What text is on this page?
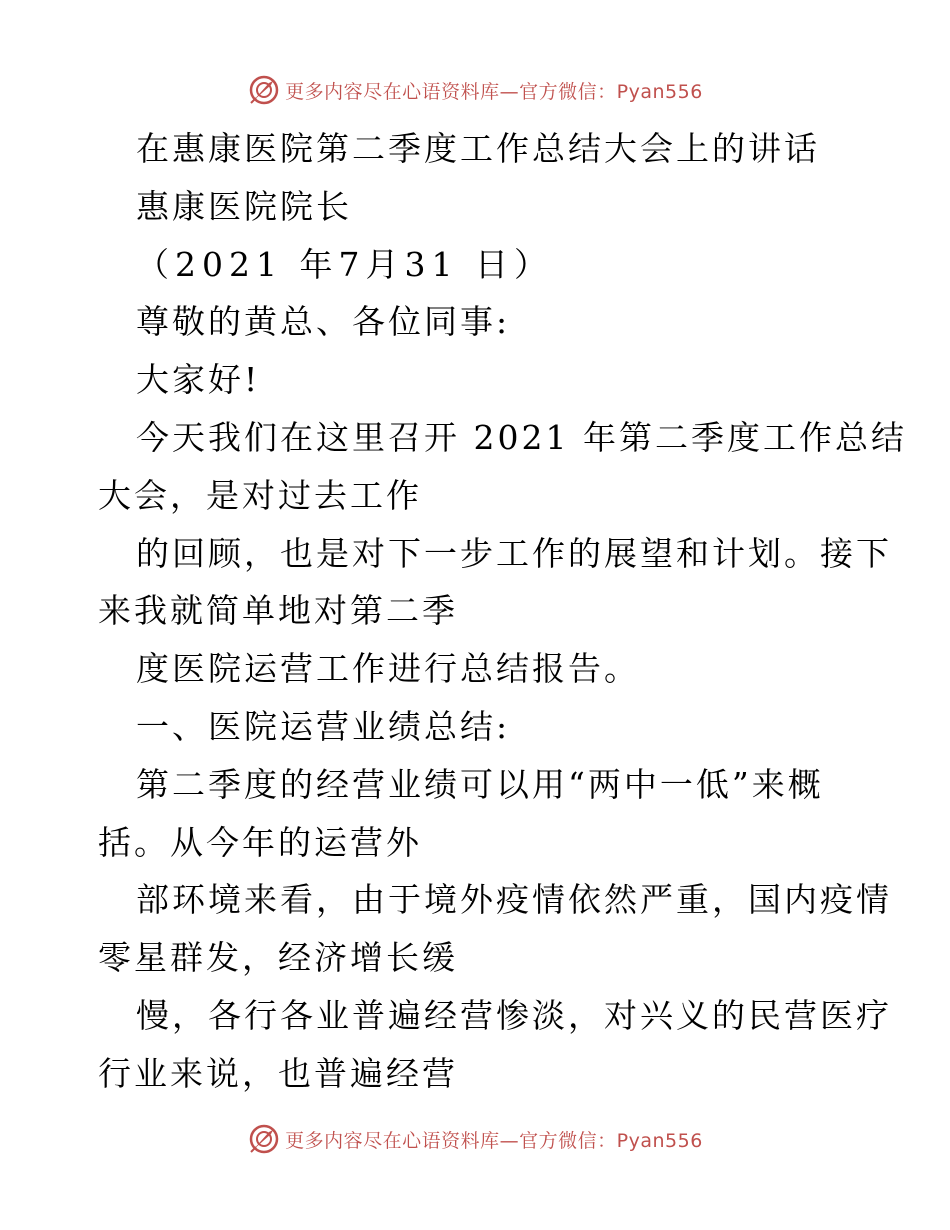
更多内容尽在心语资料库—官方微信：Pyan556
在惠康医院第二季度工作总结大会上的讲话
惠康医院院长
（2021 年7月31 日）
尊敬的黄总、各位同事:
大家好!
今天我们在这里召开 2021 年第二季度工作总结
大会，是对过去工作
的回顾，也是对下一步工作的展望和计划。接下
来我就简单地对第二季
度医院运营工作进行总结报告。
一、医院运营业绩总结:
第二季度的经营业绩可以用“两中一低”来概
括。从今年的运营外
部环境来看，由于境外疫情依然严重，国内疫情
零星群发，经济增长缓
慢，各行各业普遍经营惨淡，对兴义的民营医疗
行业来说，也普遍经营
更多内容尽在心语资料库—官方微信：Pyan556
